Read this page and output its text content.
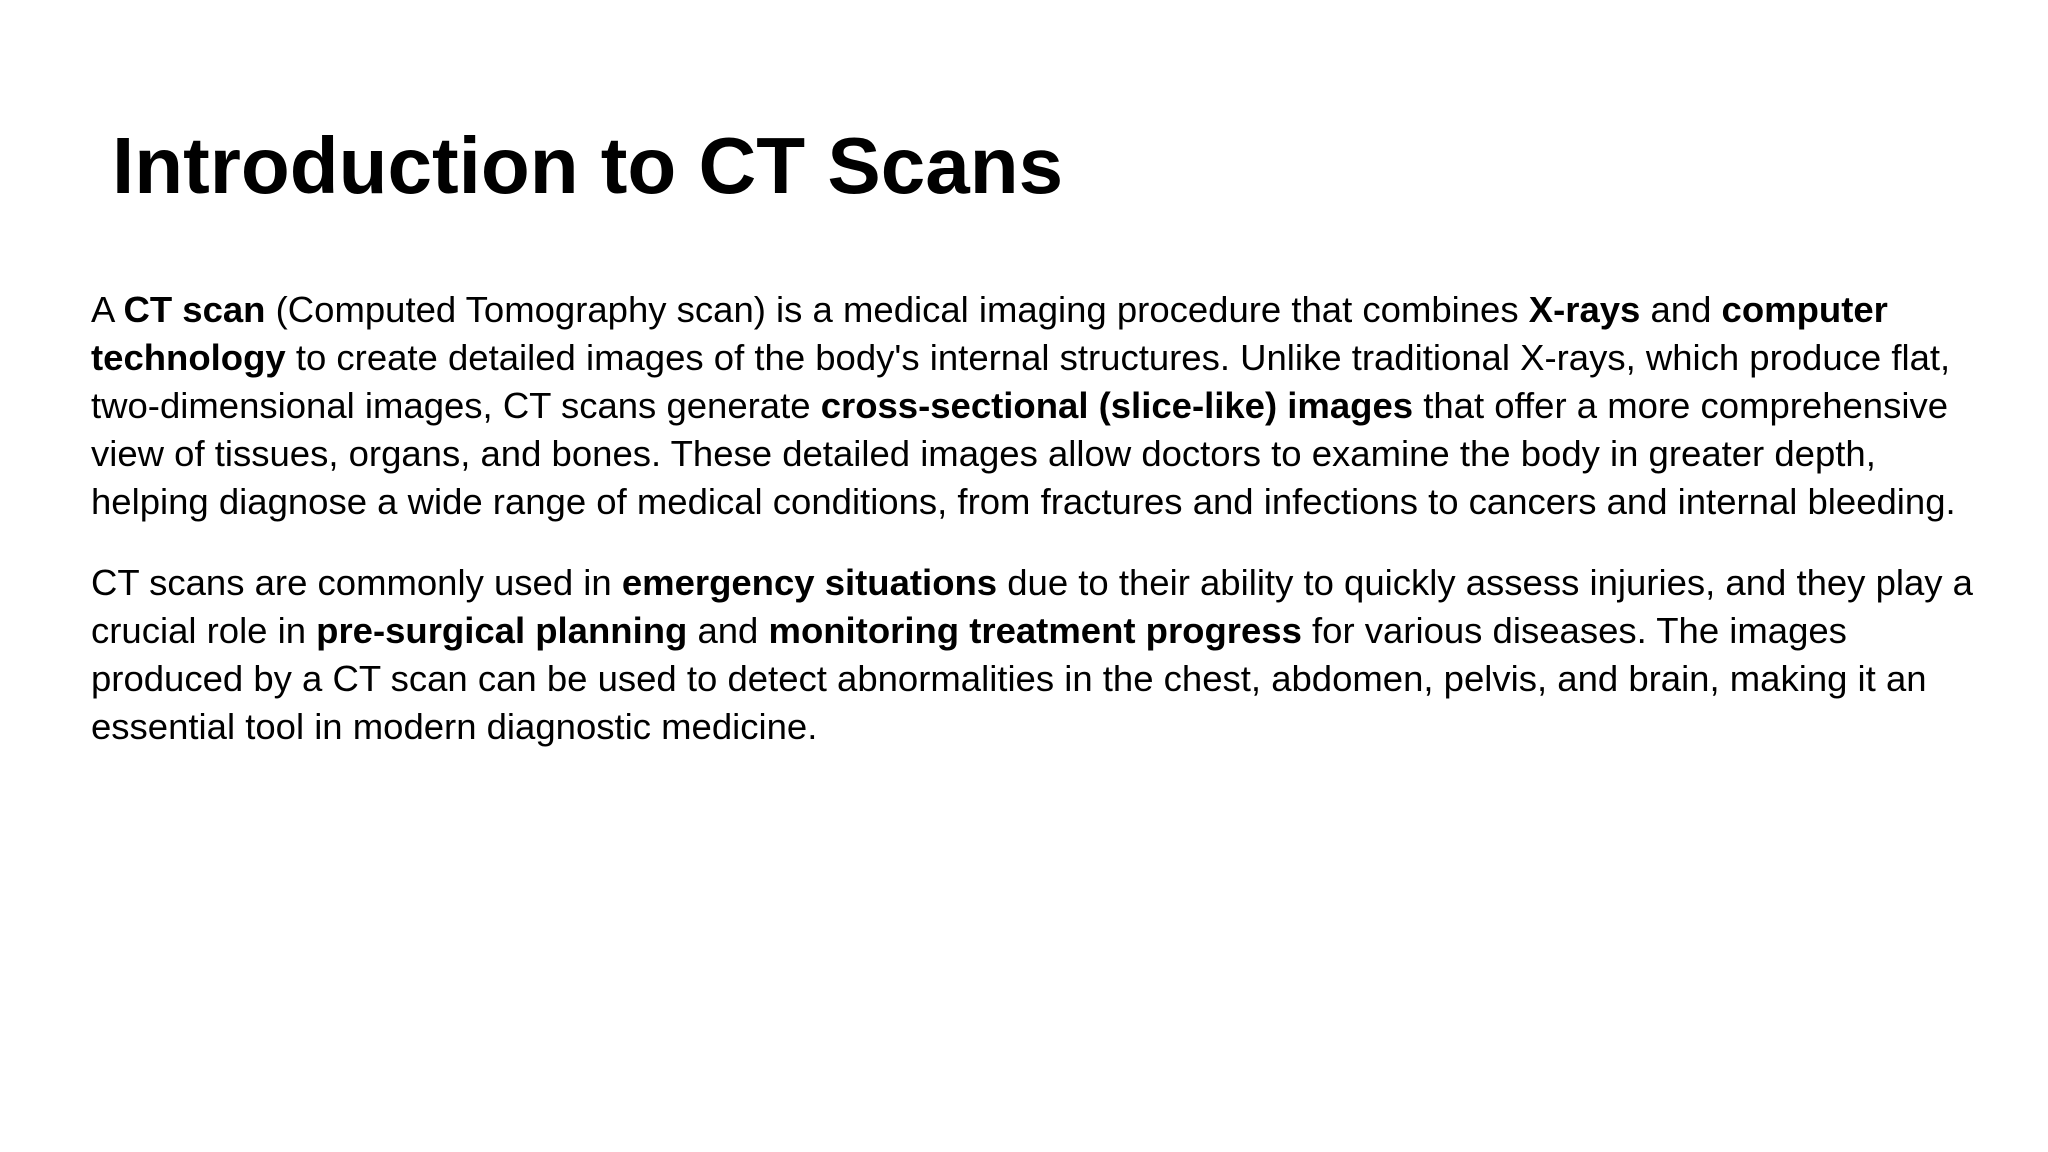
Introduction to CT Scans

A CT scan (Computed Tomography scan) is a medical imaging procedure that combines X-rays and computer technology to create detailed images of the body's internal structures. Unlike traditional X-rays, which produce flat, two-dimensional images, CT scans generate cross-sectional (slice-like) images that offer a more comprehensive view of tissues, organs, and bones. These detailed images allow doctors to examine the body in greater depth, helping diagnose a wide range of medical conditions, from fractures and infections to cancers and internal bleeding.

CT scans are commonly used in emergency situations due to their ability to quickly assess injuries, and they play a crucial role in pre-surgical planning and monitoring treatment progress for various diseases. The images produced by a CT scan can be used to detect abnormalities in the chest, abdomen, pelvis, and brain, making it an essential tool in modern diagnostic medicine.
